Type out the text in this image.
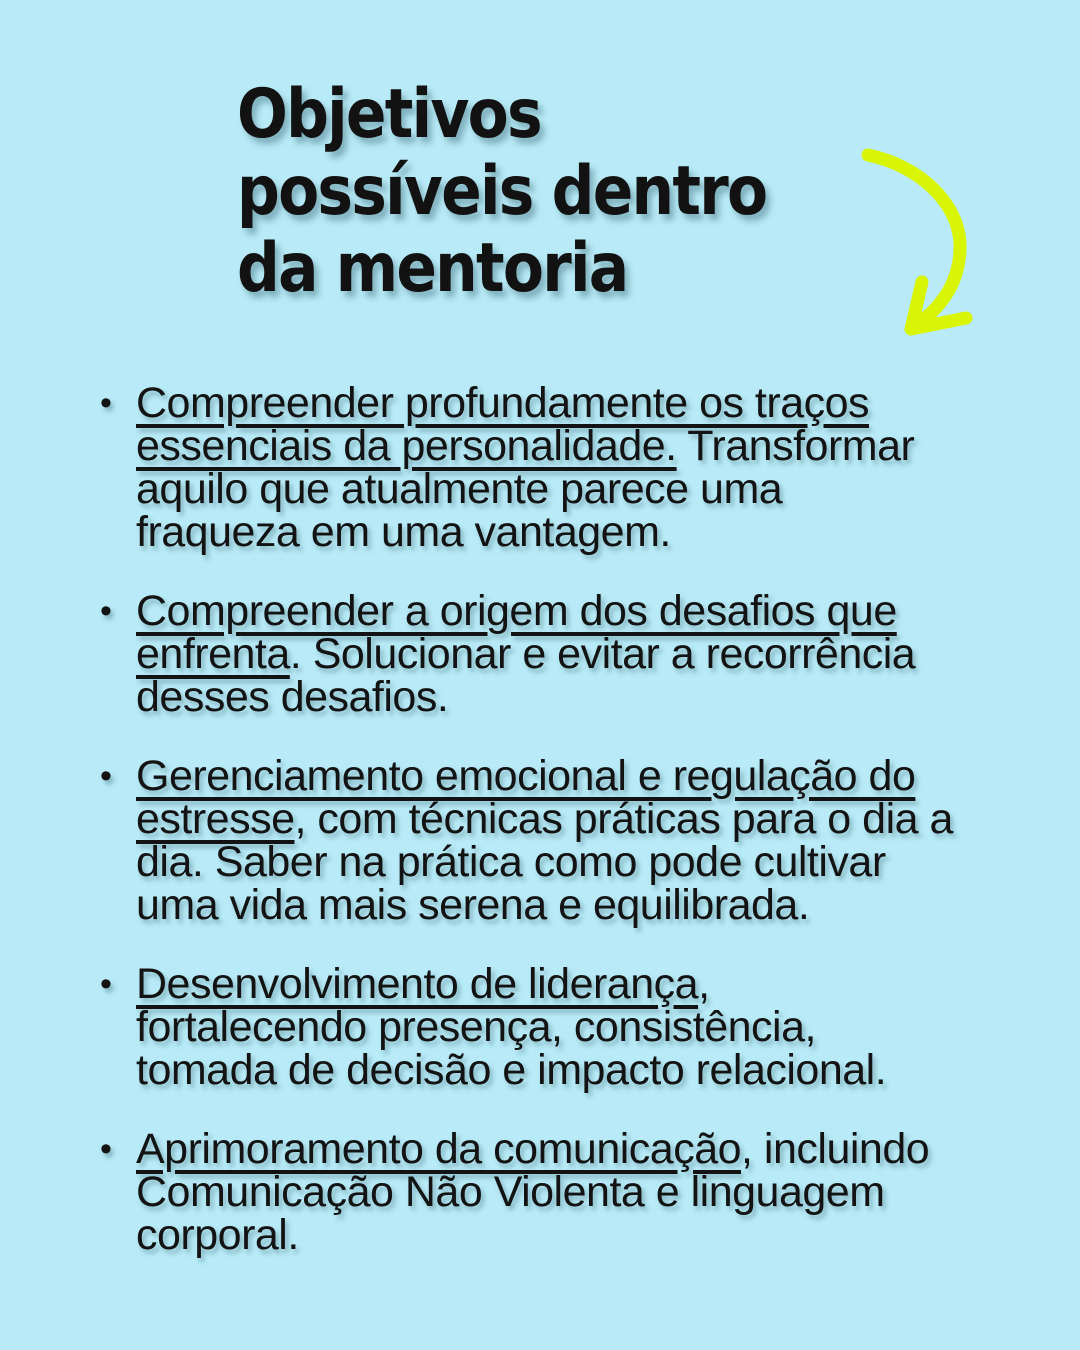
Objetivos
possíveis dentro
da mentoria
• Compreender profundamente os traços
essenciais da personalidade. Transformar
aquilo que atualmente parece uma
fraqueza em uma vantagem.
• Compreender a origem dos desafios que
enfrenta. Solucionar e evitar a recorrência
desses desafios.
• Gerenciamento emocional e regulação do
estresse, com técnicas práticas para o dia a
dia. Saber na prática como pode cultivar
uma vida mais serena e equilibrada.
• Desenvolvimento de liderança,
fortalecendo presença, consistência,
tomada de decisão e impacto relacional.
• Aprimoramento da comunicação, incluindo
Comunicação Não Violenta e linguagem
corporal.
